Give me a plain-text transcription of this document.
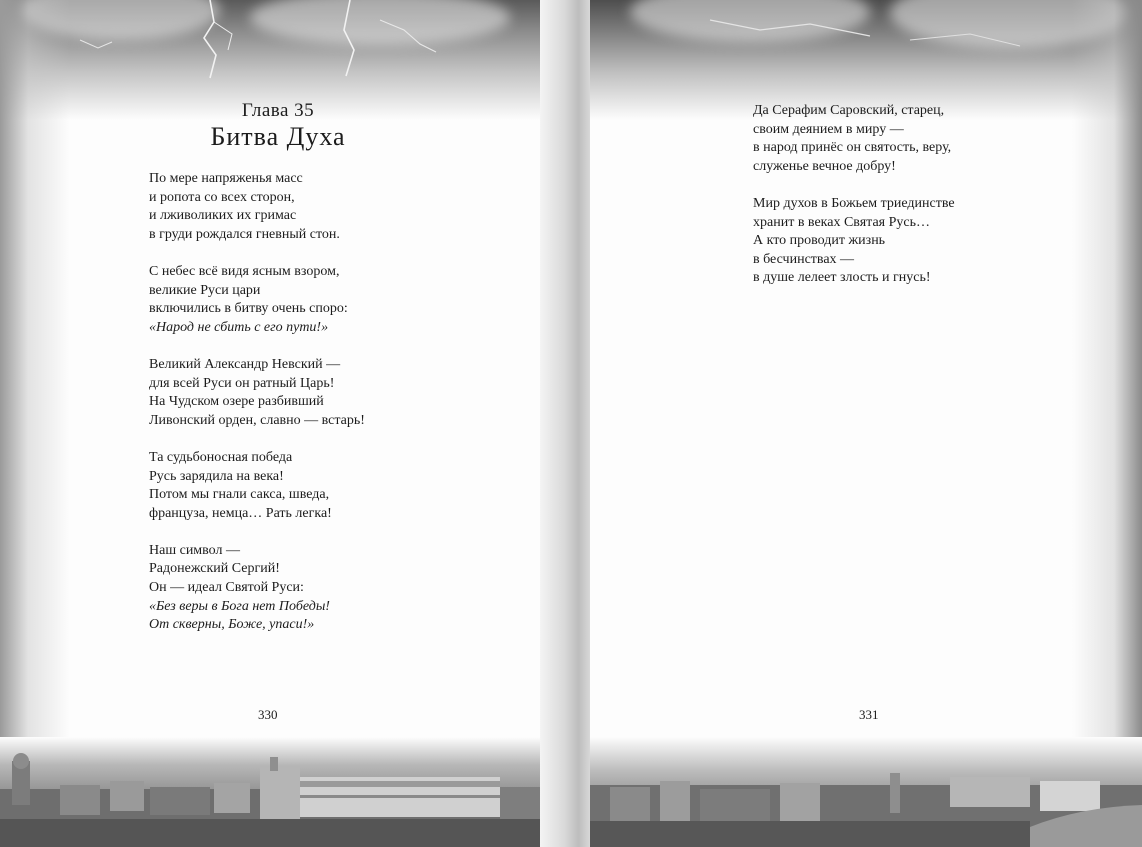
Глава 35
Битва Духа
По мере напряженья масс
и ропота со всех сторон,
и лживоликих их гримас
в груди рождался гневный стон.
С небес всё видя ясным взором,
великие Руси цари
включились в битву очень споро:
«Народ не сбить с его пути!»
Великий Александр Невский —
для всей Руси он ратный Царь!
На Чудском озере разбивший
Ливонский орден, славно — встарь!
Та судьбоносная победа
Русь зарядила на века!
Потом мы гнали сакса, шведа,
француза, немца… Рать легка!
Наш символ —
Радонежский Сергий!
Он — идеал Святой Руси:
«Без веры в Бога нет Победы!
От скверны, Боже, упаси!»
330
Да Серафим Саровский, старец,
своим деянием в миру —
в народ принёс он святость, веру,
служенье вечное добру!
Мир духов в Божьем триединстве
хранит в веках Святая Русь…
А кто проводит жизнь
в бесчинствах —
в душе лелеет злость и гнусь!
331
